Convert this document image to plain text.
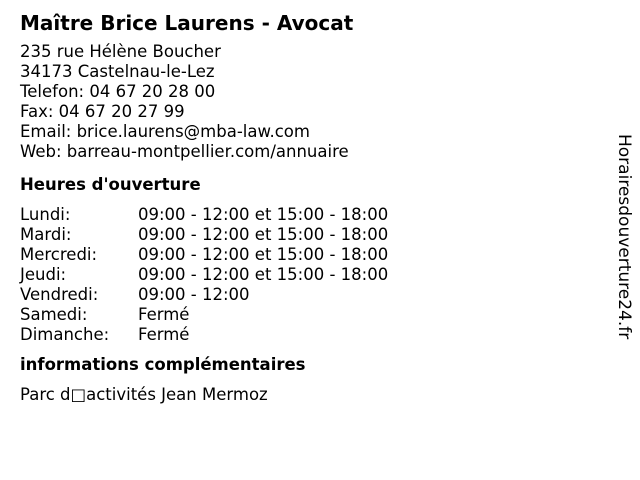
Maître Brice Laurens - Avocat
235 rue Hélène Boucher
34173 Castelnau-le-Lez
Telefon: 04 67 20 28 00
Fax: 04 67 20 27 99
Email: brice.laurens@mba-law.com
Web: barreau-montpellier.com/annuaire
Heures d'ouverture
Lundi:	09:00 - 12:00 et 15:00 - 18:00
Mardi:	09:00 - 12:00 et 15:00 - 18:00
Mercredi:	09:00 - 12:00 et 15:00 - 18:00
Jeudi:	09:00 - 12:00 et 15:00 - 18:00
Vendredi:	09:00 - 12:00
Samedi:	Fermé
Dimanche:	Fermé
informations complémentaires
Parc d□activités Jean Mermoz
Horairesdouverture24.fr
